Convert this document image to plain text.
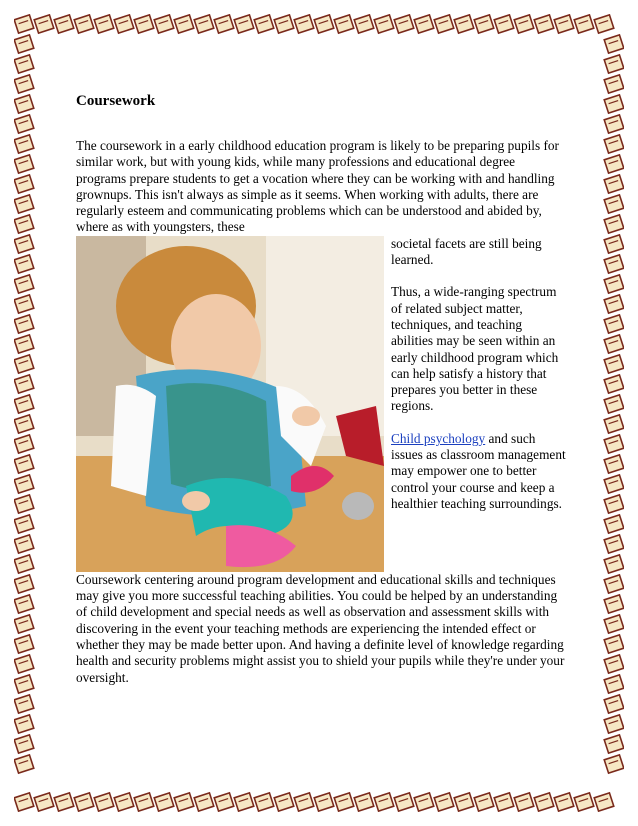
Coursework

The coursework in a early childhood education program is likely to be preparing pupils for similar work, but with young kids, while many professions and educational degree programs prepare students to get a vocation where they can be working with and handling grownups. This isn't always as simple as it seems. When working with adults, there are regularly esteem and communicating problems which can be understood and abided by, where as with youngsters, these

societal facets are still being learned.

Thus, a wide-ranging spectrum of related subject matter, techniques, and teaching abilities may be seen within an early childhood program which can help satisfy a history that prepares you better in these regions.

Child psychology and such issues as classroom management may empower one to better control your course and keep a healthier teaching surroundings.

Coursework centering around program development and educational skills and techniques may give you more successful teaching abilities. You could be helped by an understanding of child development and special needs as well as observation and assessment skills with discovering in the event your teaching methods are experiencing the intended effect or whether they may be made better upon. And having a definite level of knowledge regarding health and security problems might assist you to shield your pupils while they're under your oversight.
